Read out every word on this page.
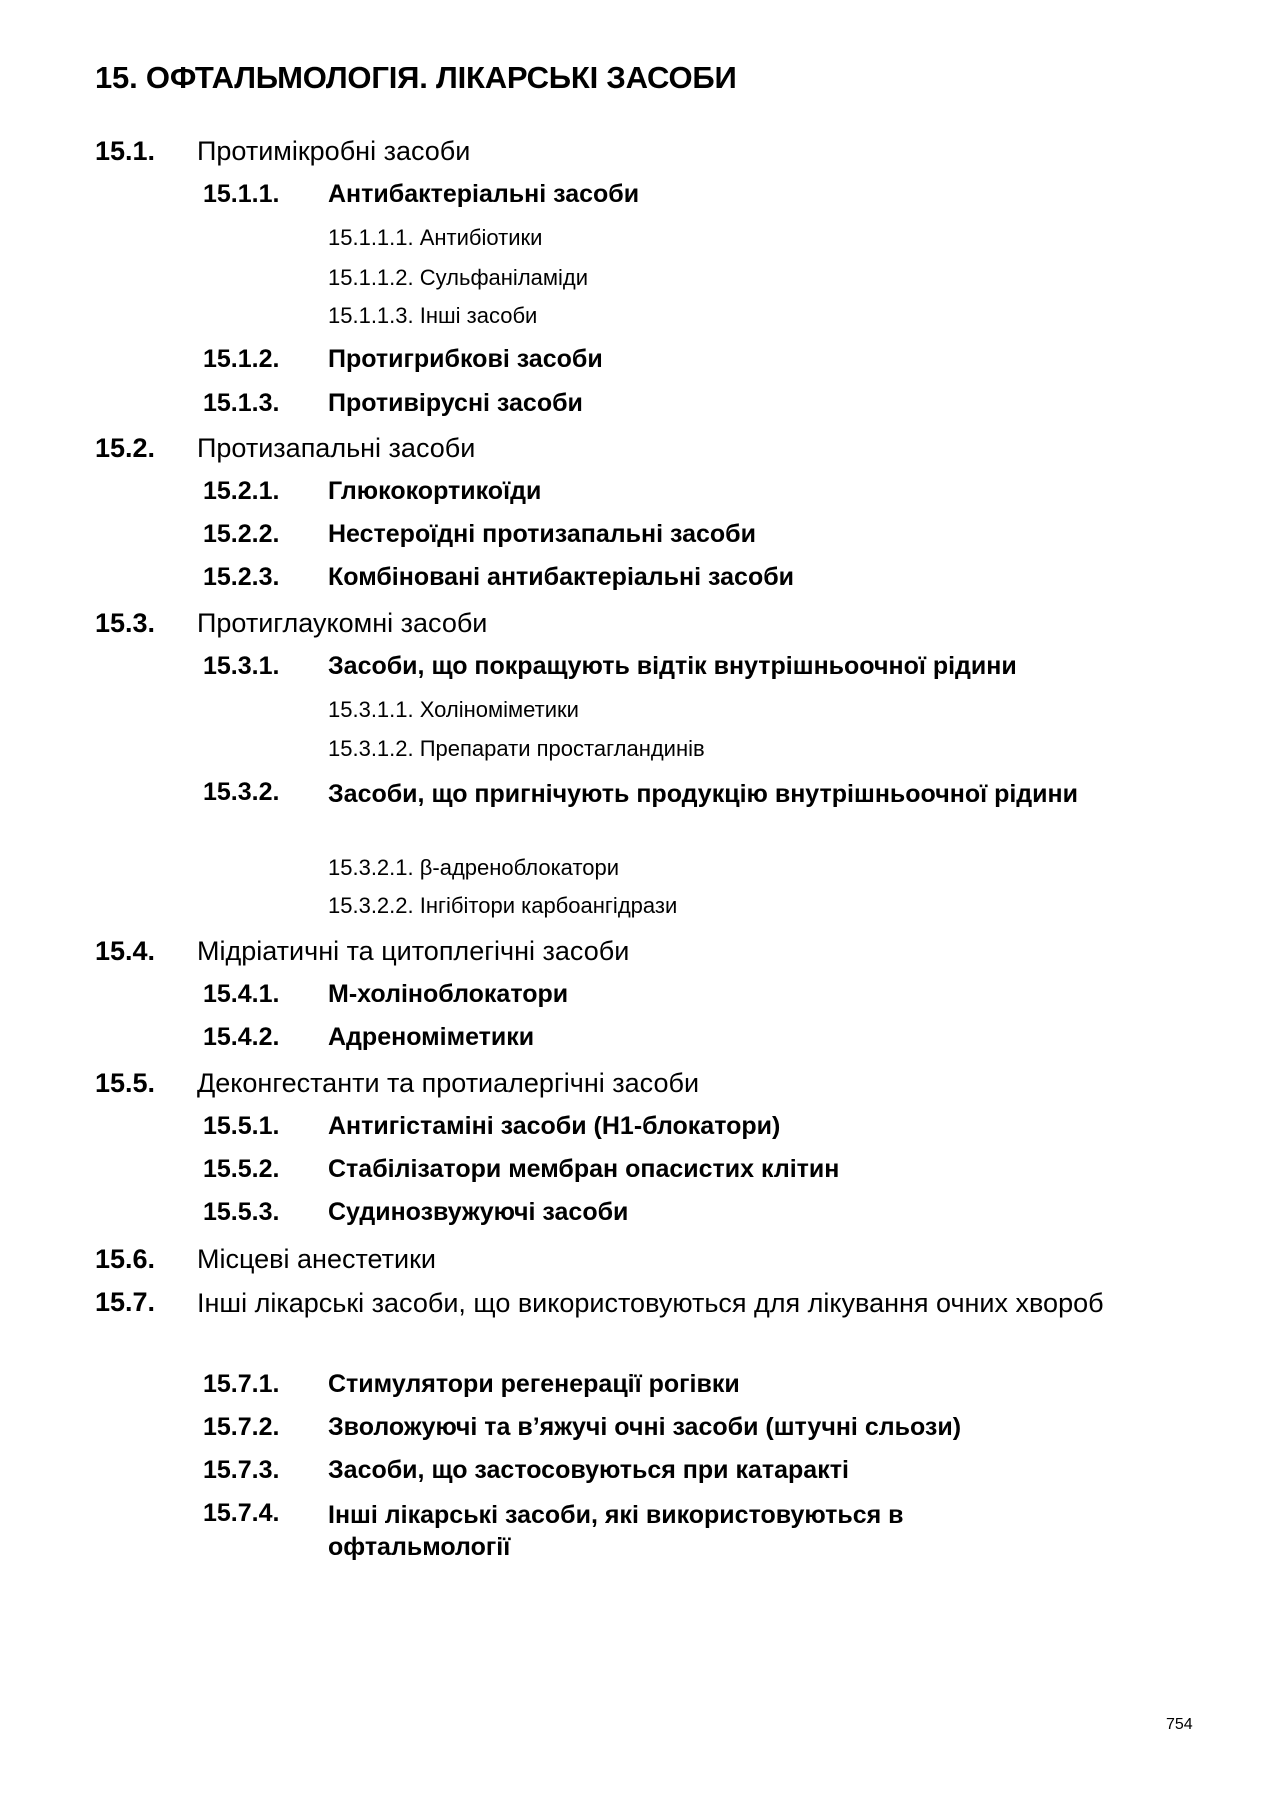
15. ОФТАЛЬМОЛОГІЯ. ЛІКАРСЬКІ ЗАСОБИ
15.1. Протимікробні засоби
15.1.1. Антибактеріальні засоби
15.1.1.1. Антибіотики
15.1.1.2. Сульфаніламіди
15.1.1.3. Інші засоби
15.1.2. Протигрибкові засоби
15.1.3. Противірусні засоби
15.2. Протизапальні засоби
15.2.1. Глюкокортикоїди
15.2.2. Нестероїдні протизапальні засоби
15.2.3. Комбіновані антибактеріальні засоби
15.3. Протиглаукомні засоби
15.3.1. Засоби, що покращують відтік внутрішньоочної рідини
15.3.1.1. Холіноміметики
15.3.1.2. Препарати простагландинів
15.3.2. Засоби, що пригнічують продукцію внутрішньоочної рідини
15.3.2.1. β-адреноблокатори
15.3.2.2. Інгібітори карбоангідрази
15.4. Мідріатичні та цитоплегічні засоби
15.4.1. М-холіноблокатори
15.4.2. Адреноміметики
15.5. Деконгестанти та протиалергічні засоби
15.5.1. Антигістаміні засоби (Н1-блокатори)
15.5.2. Стабілізатори мембран опасистих клітин
15.5.3. Судинозвужуючі засоби
15.6. Місцеві анестетики
15.7. Інші лікарські засоби, що використовуються для лікування очних хвороб
15.7.1. Стимулятори регенерації рогівки
15.7.2. Зволожуючі та в’яжучі очні засоби (штучні сльози)
15.7.3. Засоби, що застосовуються при катаракті
15.7.4. Інші лікарські засоби, які використовуються в офтальмології
754
